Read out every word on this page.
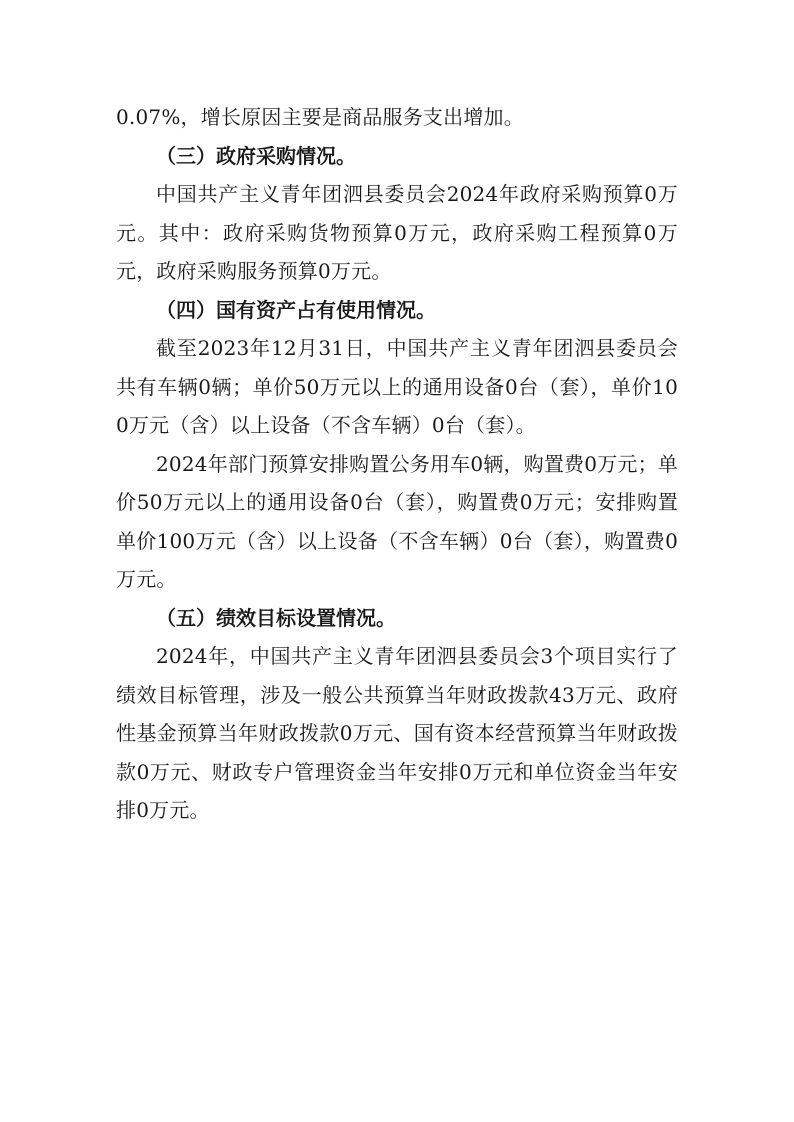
0.07%，增长原因主要是商品服务支出增加。

（三）政府采购情况。

中国共产主义青年团泗县委员会2024年政府采购预算0万元。其中：政府采购货物预算0万元，政府采购工程预算0万元，政府采购服务预算0万元。

（四）国有资产占有使用情况。

截至2023年12月31日，中国共产主义青年团泗县委员会共有车辆0辆；单价50万元以上的通用设备0台（套），单价100万元（含）以上设备（不含车辆）0台（套）。

2024年部门预算安排购置公务用车0辆，购置费0万元；单价50万元以上的通用设备0台（套），购置费0万元；安排购置单价100万元（含）以上设备（不含车辆）0台（套），购置费0万元。

（五）绩效目标设置情况。

2024年，中国共产主义青年团泗县委员会3个项目实行了绩效目标管理，涉及一般公共预算当年财政拨款43万元、政府性基金预算当年财政拨款0万元、国有资本经营预算当年财政拨款0万元、财政专户管理资金当年安排0万元和单位资金当年安排0万元。
